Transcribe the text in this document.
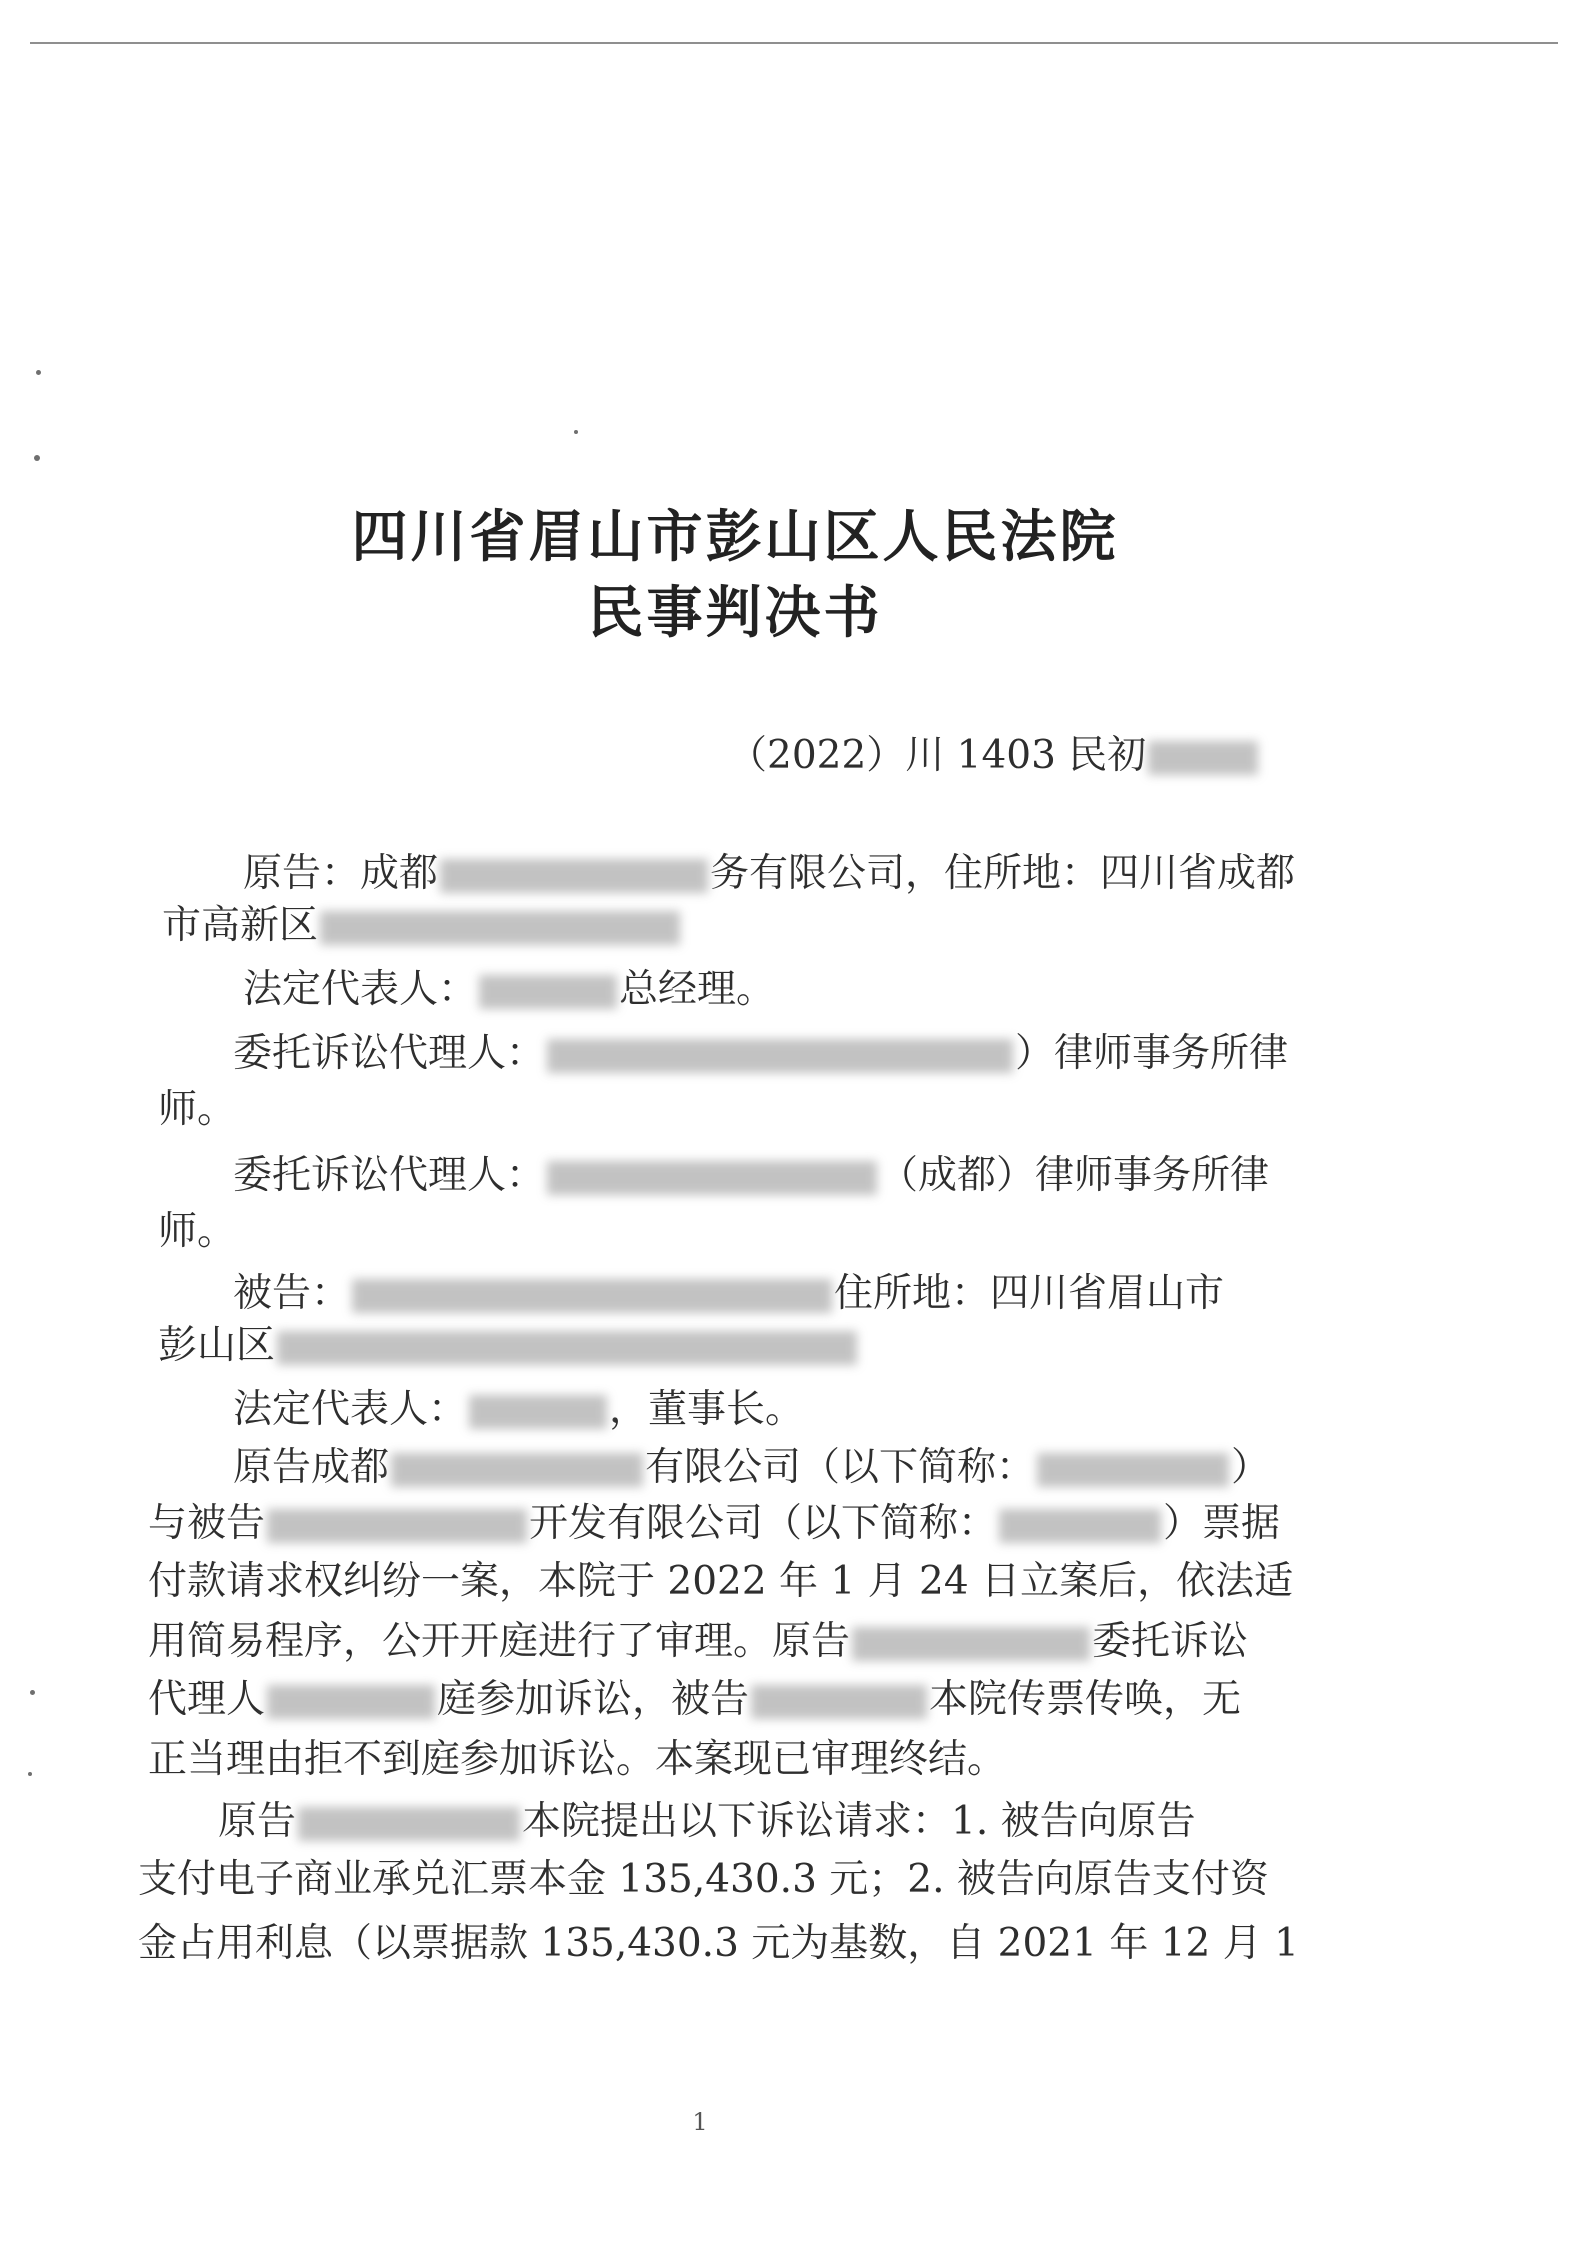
四川省眉山市彭山区人民法院
民事判决书
（2022）川 1403 民初
原告：成都	务有限公司，住所地：四川省成都
市高新区
法定代表人：	总经理。
委托诉讼代理人：	）律师事务所律
师。
委托诉讼代理人：	（成都）律师事务所律
师。
被告：	住所地：四川省眉山市
彭山区
法定代表人：	，董事长。
原告成都	有限公司（以下简称：	）
与被告	开发有限公司（以下简称：	）票据
付款请求权纠纷一案，本院于 2022 年 1 月 24 日立案后，依法适
用简易程序，公开开庭进行了审理。原告	委托诉讼
代理人	庭参加诉讼，被告	本院传票传唤，无
正当理由拒不到庭参加诉讼。本案现已审理终结。
原告	本院提出以下诉讼请求：1. 被告向原告
支付电子商业承兑汇票本金 135,430.3 元；2. 被告向原告支付资
金占用利息（以票据款 135,430.3 元为基数，自 2021 年 12 月 1
1
